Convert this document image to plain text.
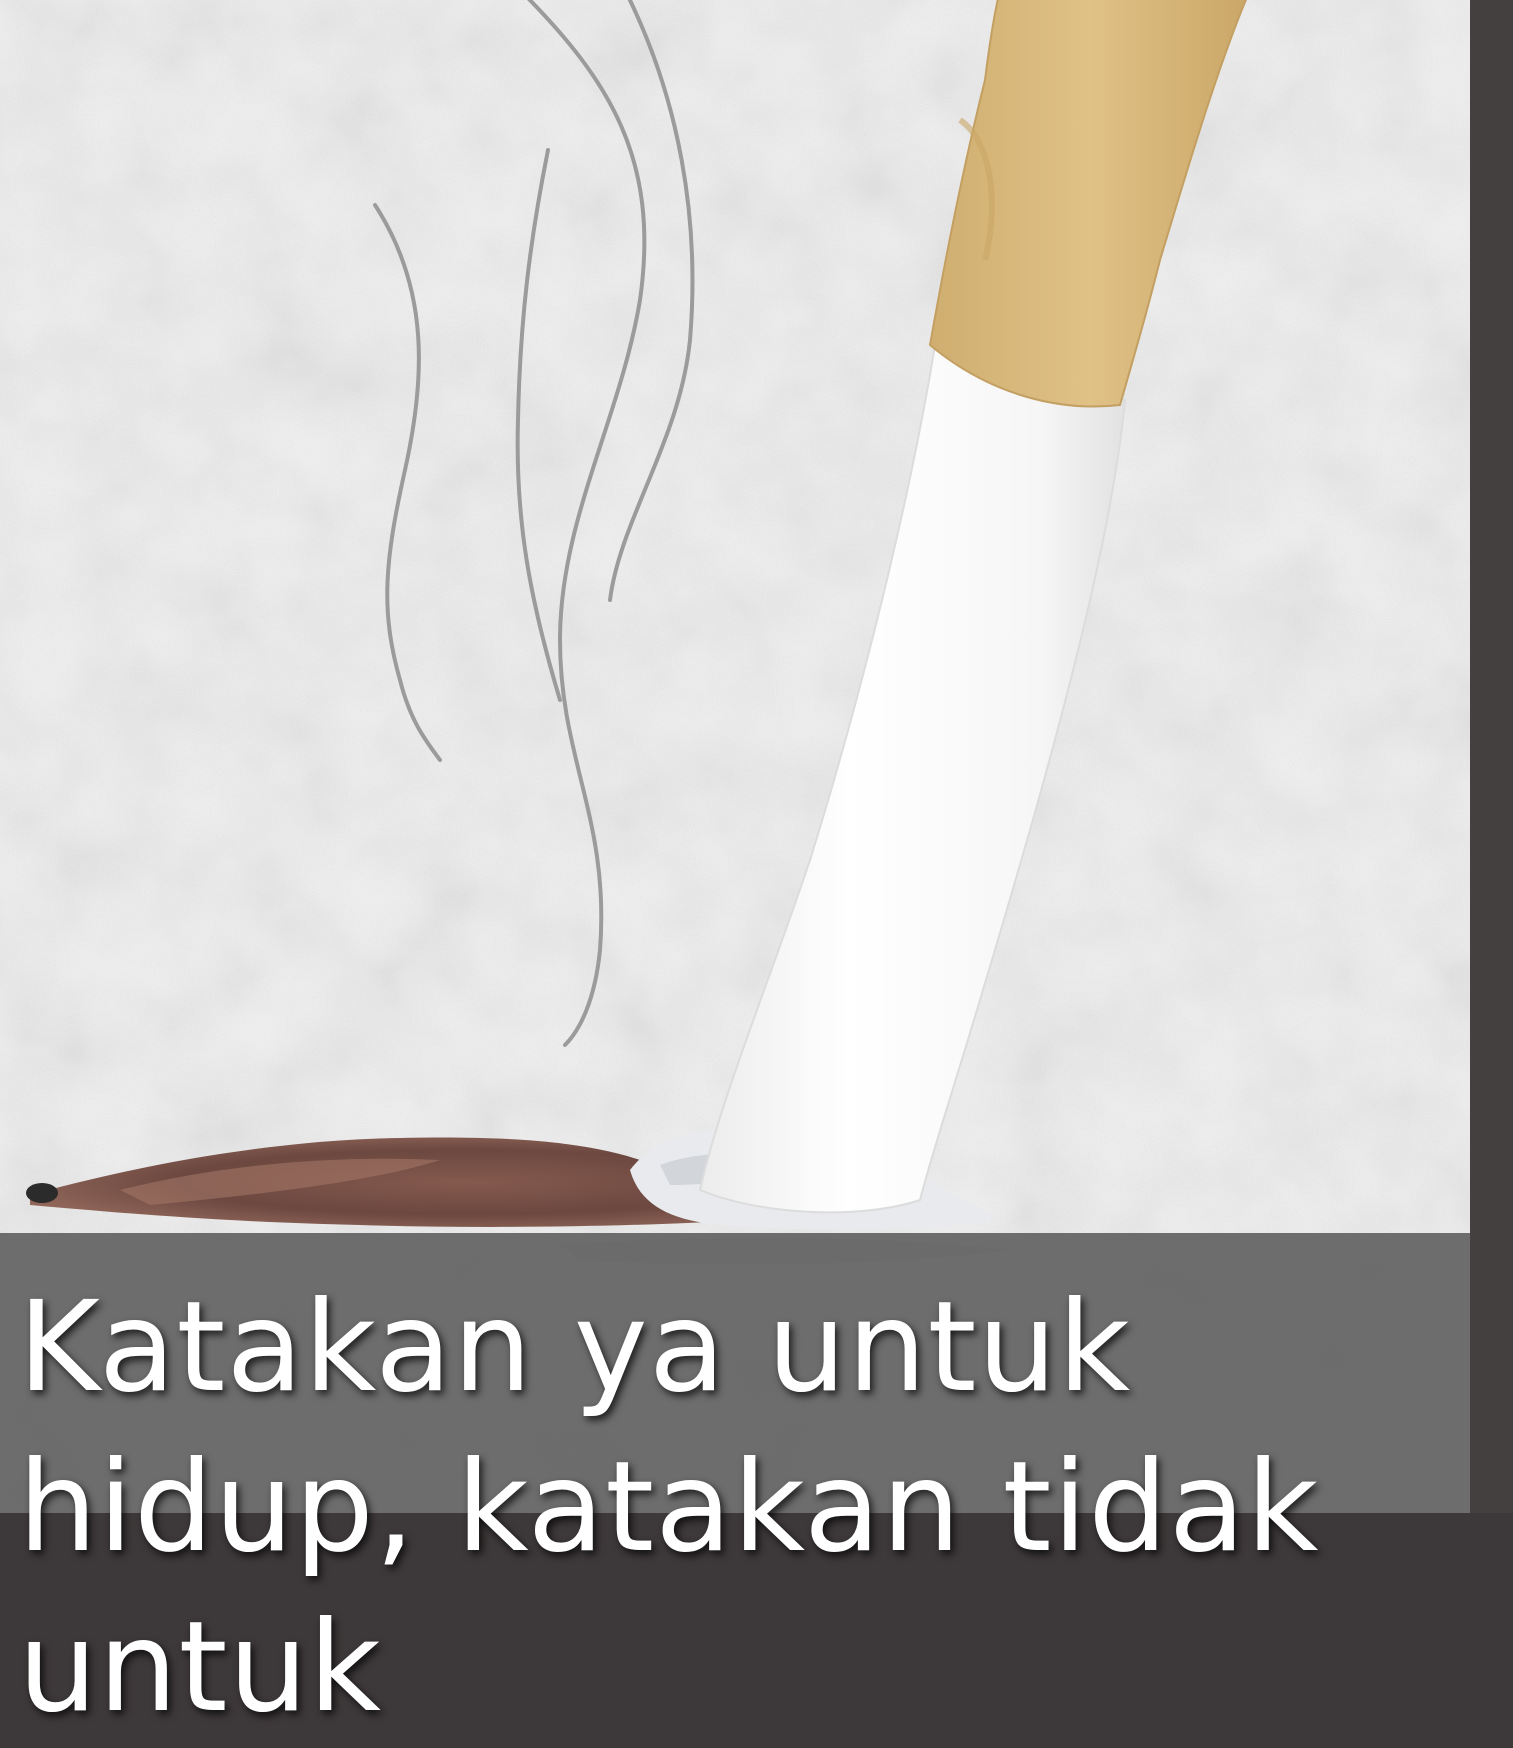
Katakan ya untuk hidup, katakan tidak untuk
